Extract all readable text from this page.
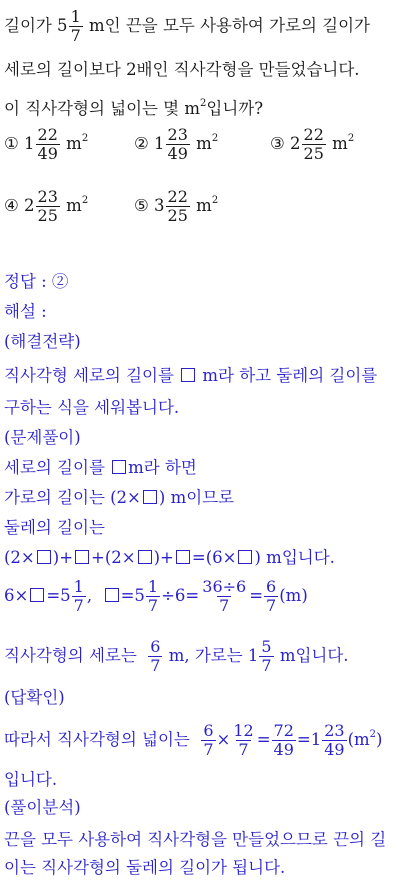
길이가 $5 \frac{1}{7}$ m인 끈을 모두 사용하여 가로의 길이가
세로의 길이보다 2배인 직사각형을 만들었습니다.
이 직사각형의 넓이는 몇 $m^2$입니까?
① $1 \frac{22}{49} m^2$	② $1 \frac{23}{49} m^2$	③ $2 \frac{22}{25} m^2$
④ $2 \frac{23}{25} m^2$	⑤ $3 \frac{22}{25} m^2$
정답 : ②
해설 :
(해결전략)
직사각형 세로의 길이를 m라 하고 둘레의 길이를
구하는 식을 세워봅니다.
(문제풀이)
세로의 길이를 m라 하면
가로의 길이는 (2× ) m이므로
둘레의 길이는
(2× )+ +(2× )+ =(6× ) m입니다.
$6\times =5 \frac{1}{7}$ , $=5 \frac{1}{7} \div 6= \frac{36\div 6}{7} = \frac{6}{7} (m)$
직사각형의 세로는 $\frac{6}{7} m$, 가로는 $1 \frac{5}{7}$ m입니다.
(답확인)
따라서 직사각형의 넓이는 $\frac{6}{7} \times \frac{12}{7} = \frac{72}{49} =1 \frac{23}{49} (m^2)$
입니다.
(풀이분석)
끈을 모두 사용하여 직사각형을 만들었으므로 끈의 길
이는 직사각형의 둘레의 길이가 됩니다.
